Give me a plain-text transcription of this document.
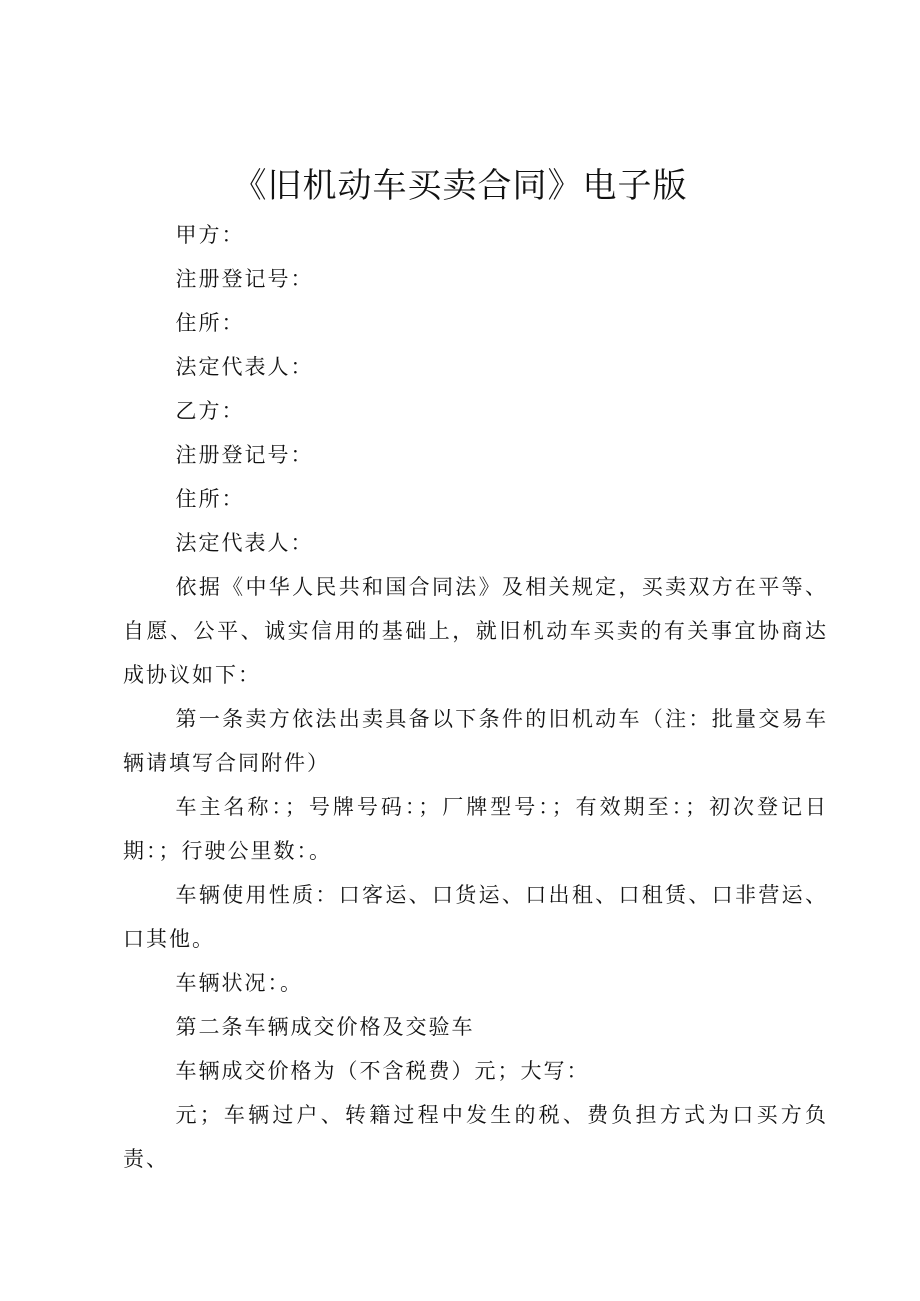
《旧机动车买卖合同》电子版

甲方：

注册登记号：

住所：

法定代表人：

乙方：

注册登记号：

住所：

法定代表人：

依据《中华人民共和国合同法》及相关规定，买卖双方在平等、自愿、公平、诚实信用的基础上，就旧机动车买卖的有关事宜协商达成协议如下：

第一条卖方依法出卖具备以下条件的旧机动车（注：批量交易车辆请填写合同附件）

车主名称：；号牌号码：；厂牌型号：；有效期至：；初次登记日期：；行驶公里数：。

车辆使用性质：口客运、口货运、口出租、口租赁、口非营运、口其他。

车辆状况：。

第二条车辆成交价格及交验车

车辆成交价格为（不含税费）元；大写：

元；车辆过户、转籍过程中发生的税、费负担方式为口买方负责、
